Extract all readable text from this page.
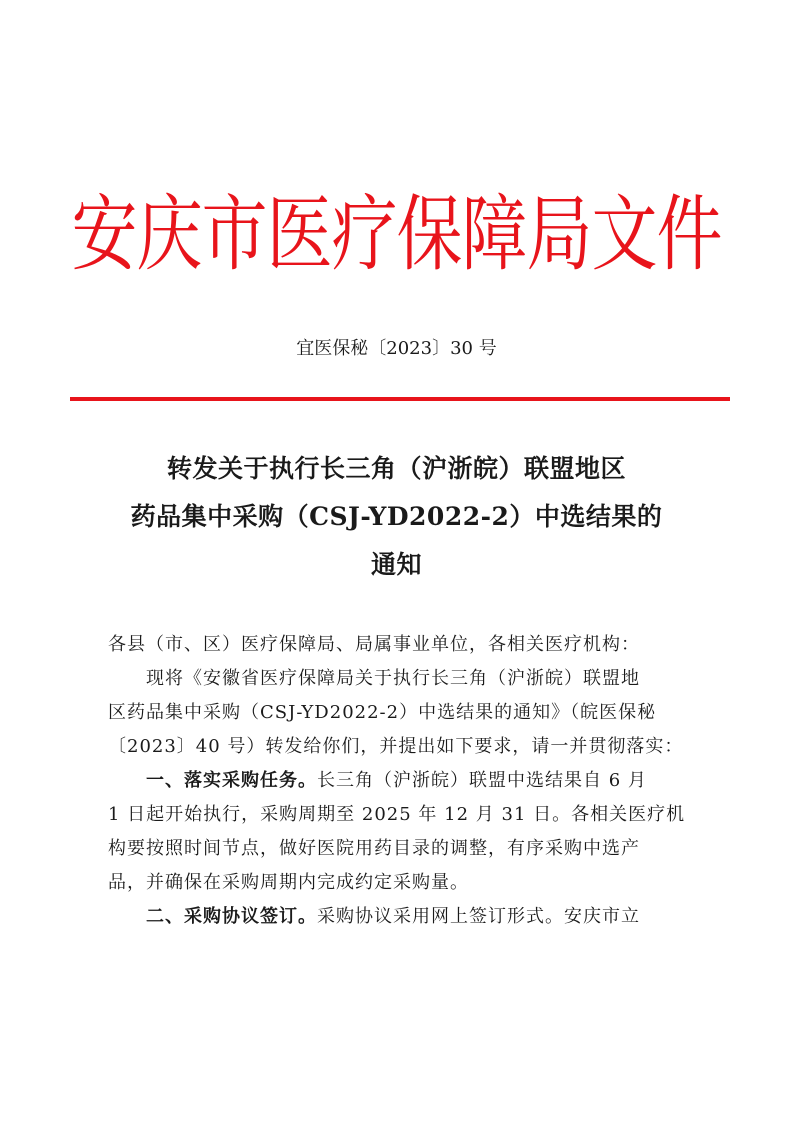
安庆市医疗保障局文件
宜医保秘〔2023〕30 号
转发关于执行长三角（沪浙皖）联盟地区
药品集中采购（CSJ-YD2022-2）中选结果的
通知

各县（市、区）医疗保障局、局属事业单位，各相关医疗机构：

现将《安徽省医疗保障局关于执行长三角（沪浙皖）联盟地

区药品集中采购（CSJ-YD2022-2）中选结果的通知》（皖医保秘

〔2023〕40 号）转发给你们，并提出如下要求，请一并贯彻落实：

一、落实采购任务。长三角（沪浙皖）联盟中选结果自 6 月

1 日起开始执行，采购周期至 2025 年 12 月 31 日。各相关医疗机

构要按照时间节点，做好医院用药目录的调整，有序采购中选产

品，并确保在采购周期内完成约定采购量。

二、采购协议签订。采购协议采用网上签订形式。安庆市立
